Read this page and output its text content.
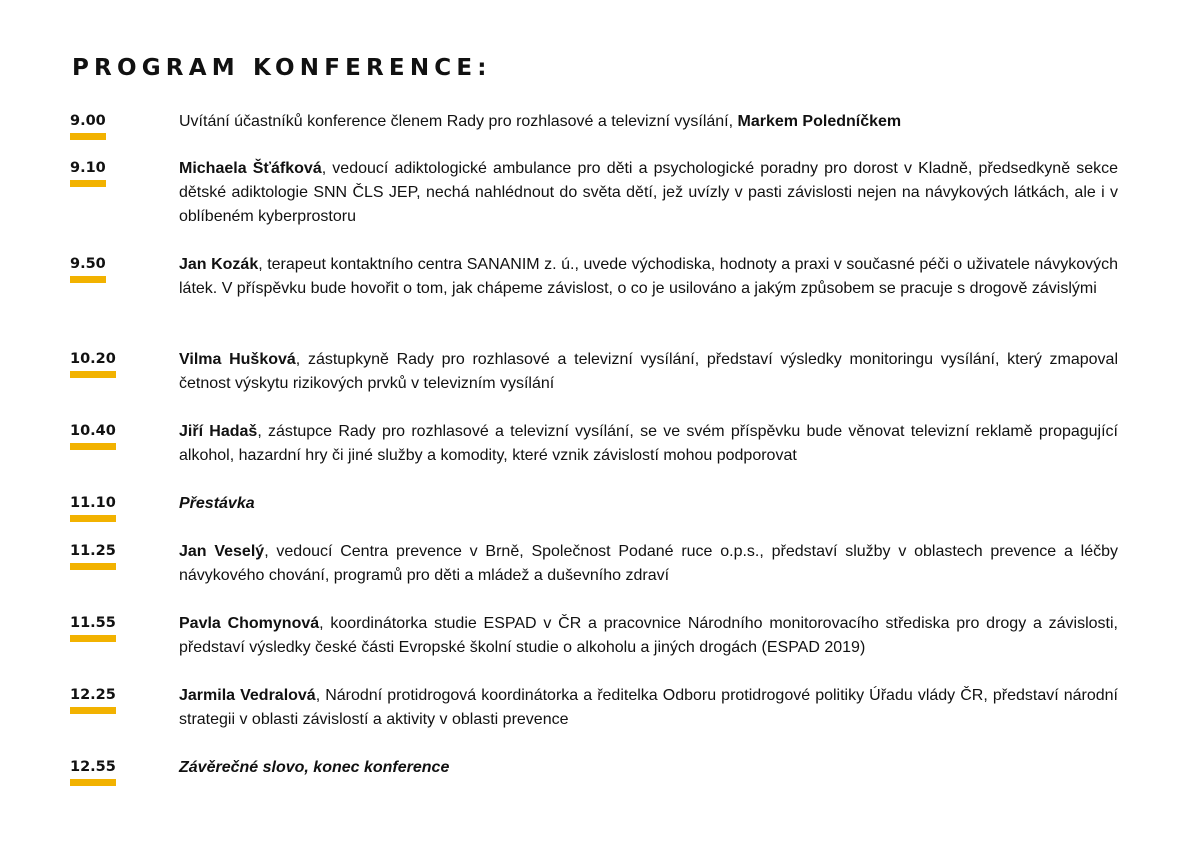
PROGRAM KONFERENCE:
9.00	Uvítání účastníků konference členem Rady pro rozhlasové a televizní vysílání, Markem Poledníčkem

9.10	Michaela Šťáfková, vedoucí adiktologické ambulance pro děti a psychologické poradny pro dorost v Kladně, předsedkyně sekce dětské adiktologie SNN ČLS JEP, nechá nahlédnout do světa dětí, jež uvízly v pasti závislosti nejen na návykových látkách, ale i v oblíbeném kyberprostoru

9.50	Jan Kozák, terapeut kontaktního centra SANANIM z. ú., uvede východiska, hodnoty a praxi v současné péči o uživatele návykových látek. V příspěvku bude hovořit o tom, jak chápeme závislost, o co je usilováno a jakým způsobem se pracuje s drogově závislými

10.20	Vilma Hušková, zástupkyně Rady pro rozhlasové a televizní vysílání, představí výsledky monitoringu vysílání, který zmapoval četnost výskytu rizikových prvků v televizním vysílání

10.40	Jiří Hadaš, zástupce Rady pro rozhlasové a televizní vysílání, se ve svém příspěvku bude věnovat televizní reklamě propagující alkohol, hazardní hry či jiné služby a komodity, které vznik závislostí mohou podporovat

11.10	Přestávka

11.25	Jan Veselý, vedoucí Centra prevence v Brně, Společnost Podané ruce o.p.s., představí služby v oblastech prevence a léčby návykového chování, programů pro děti a mládež a duševního zdraví

11.55	Pavla Chomynová, koordinátorka studie ESPAD v ČR a pracovnice Národního monitorovacího střediska pro drogy a závislosti, představí výsledky české části Evropské školní studie o alkoholu a jiných drogách (ESPAD 2019)

12.25	Jarmila Vedralová, Národní protidrogová koordinátorka a ředitelka Odboru protidrogové politiky Úřadu vlády ČR, představí národní strategii v oblasti závislostí a aktivity v oblasti prevence

12.55	Závěrečné slovo, konec konference
